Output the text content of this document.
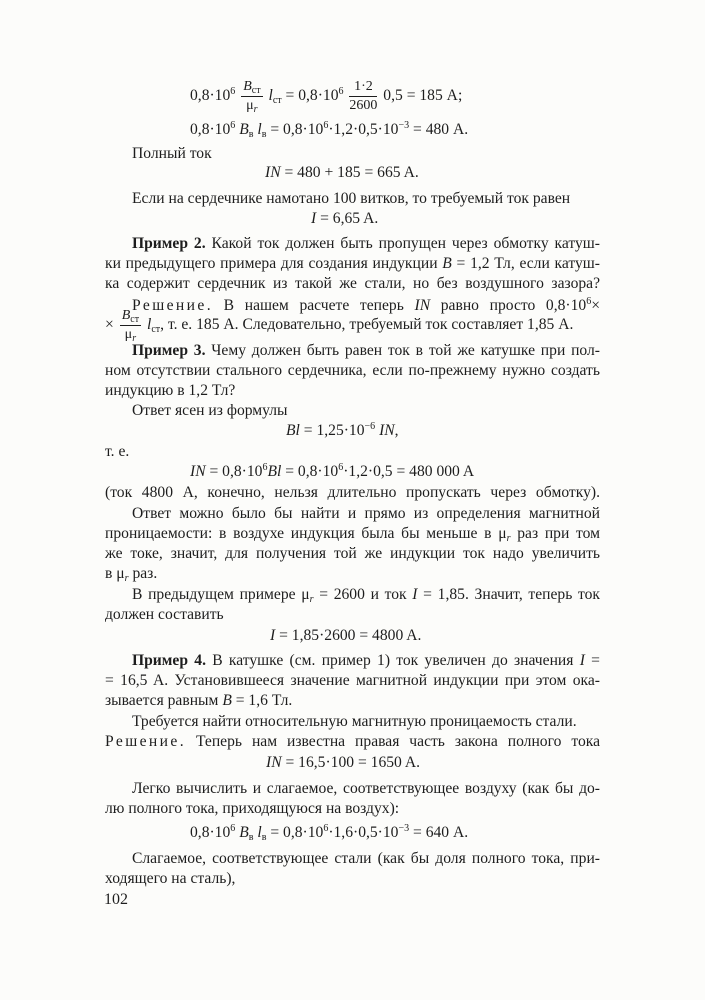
$0,8\cdot 10^6 \frac{B_{ст}}{\mu_r} l_{ст} = 0,8\cdot 10^6 \frac{1\cdot 2}{2600} 0,5 = 185$ A;
$0,8\cdot 10^6$ $B_в$ $l_в = 0,8\cdot 10^6\cdot 1,2\cdot 0,5\cdot 10^{-3} = 480$ A.

Полный ток

IN = 480 + 185 = 665 A.

Если на сердечнике намотано 100 витков, то требуемый ток равен

I = 6,65 A.

Пример 2. Какой ток должен быть пропущен через обмотку катуш-

ки предыдущего примера для создания индукции B = 1,2 Тл, если катуш-

ка содержит сердечник из такой же стали, но без воздушного зазора?

Решение. В нашем расчете теперь IN равно просто $0,8\cdot 10^6\times$

× $\frac{B_{ст}}{\mu_r} l_{ст}$, т. е. 185 A. Следовательно, требуемый ток составляет 1,85 A.

Пример 3. Чему должен быть равен ток в той же катушке при пол-

ном отсутствии стального сердечника, если по-прежнему нужно создать

индукцию в 1,2 Тл?

Ответ ясен из формулы

$Bl = 1,25\cdot 10^{-6}$ IN,

т. е.

IN = $0,8\cdot 10^6Bl = 0,8\cdot 10^6\cdot 1,2\cdot 0,5 = 480$ 000 A

(ток 4800 A, конечно, нельзя длительно пропускать через обмотку).

Ответ можно было бы найти и прямо из определения магнитной

проницаемости: в воздухе индукция была бы меньше в $\mu_r$ раз при том

же токе, значит, для получения той же индукции ток надо увеличить

в $\mu_r$ раз.

В предыдущем примере $\mu_r = 2600$ и ток I = 1,85. Значит, теперь ток

должен составить

I = 1,85·2600 = 4800 A.

Пример 4. В катушке (см. пример 1) ток увеличен до значения I =

= 16,5 A. Установившееся значение магнитной индукции при этом ока-

зывается равным B = 1,6 Тл.

Требуется найти относительную магнитную проницаемость стали.

Решение. Теперь нам известна правая часть закона полного тока

IN = 16,5·100 = 1650 A.

Легко вычислить и слагаемое, соответствующее воздуху (как бы до-

лю полного тока, приходящуюся на воздух):

$0,8\cdot 10^6$ $B_в$ $l_в = 0,8\cdot 10^6\cdot 1,6\cdot 0,5\cdot 10^{-3} = 640$ A.

Слагаемое, соответствующее стали (как бы доля полного тока, при-

ходящего на сталь),

102
